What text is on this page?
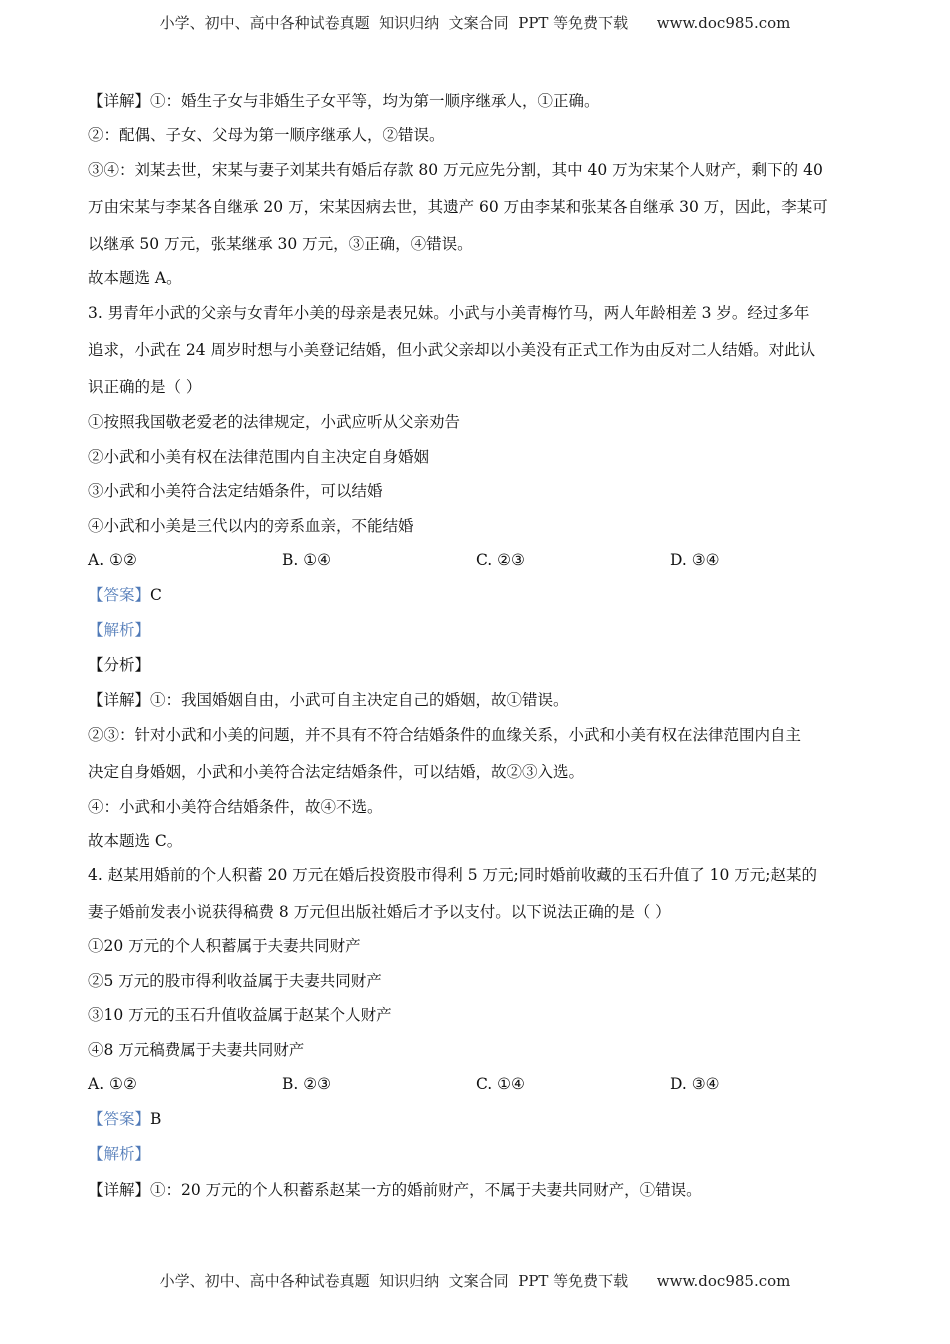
小学、初中、高中各种试卷真题  知识归纳  文案合同  PPT 等免费下载      www.doc985.com
【详解】①：婚生子女与非婚生子女平等，均为第一顺序继承人，①正确。
②：配偶、子女、父母为第一顺序继承人，②错误。
③④：刘某去世，宋某与妻子刘某共有婚后存款 80 万元应先分割，其中 40 万为宋某个人财产，剩下的 40
万由宋某与李某各自继承 20 万，宋某因病去世，其遗产 60 万由李某和张某各自继承 30 万，因此，李某可
以继承 50 万元，张某继承 30 万元，③正确，④错误。
故本题选 A。
3. 男青年小武的父亲与女青年小美的母亲是表兄妹。小武与小美青梅竹马，两人年龄相差 3 岁。经过多年
追求，小武在 24 周岁时想与小美登记结婚，但小武父亲却以小美没有正式工作为由反对二人结婚。对此认
识正确的是（ ）
①按照我国敬老爱老的法律规定，小武应听从父亲劝告
②小武和小美有权在法律范围内自主决定自身婚姻
③小武和小美符合法定结婚条件，可以结婚
④小武和小美是三代以内的旁系血亲，不能结婚
A. ①②	B. ①④	C. ②③	D. ③④
【答案】C
【解析】
【分析】
【详解】①：我国婚姻自由，小武可自主决定自己的婚姻，故①错误。
②③：针对小武和小美的问题，并不具有不符合结婚条件的血缘关系，小武和小美有权在法律范围内自主
决定自身婚姻，小武和小美符合法定结婚条件，可以结婚，故②③入选。
④：小武和小美符合结婚条件，故④不选。
故本题选 C。
4. 赵某用婚前的个人积蓄 20 万元在婚后投资股市得利 5 万元;同时婚前收藏的玉石升值了 10 万元;赵某的
妻子婚前发表小说获得稿费 8 万元但出版社婚后才予以支付。以下说法正确的是（ ）
①20 万元的个人积蓄属于夫妻共同财产
②5 万元的股市得利收益属于夫妻共同财产
③10 万元的玉石升值收益属于赵某个人财产
④8 万元稿费属于夫妻共同财产
A. ①②	B. ②③	C. ①④	D. ③④
【答案】B
【解析】
【详解】①：20 万元的个人积蓄系赵某一方的婚前财产，不属于夫妻共同财产，①错误。
小学、初中、高中各种试卷真题  知识归纳  文案合同  PPT 等免费下载      www.doc985.com
